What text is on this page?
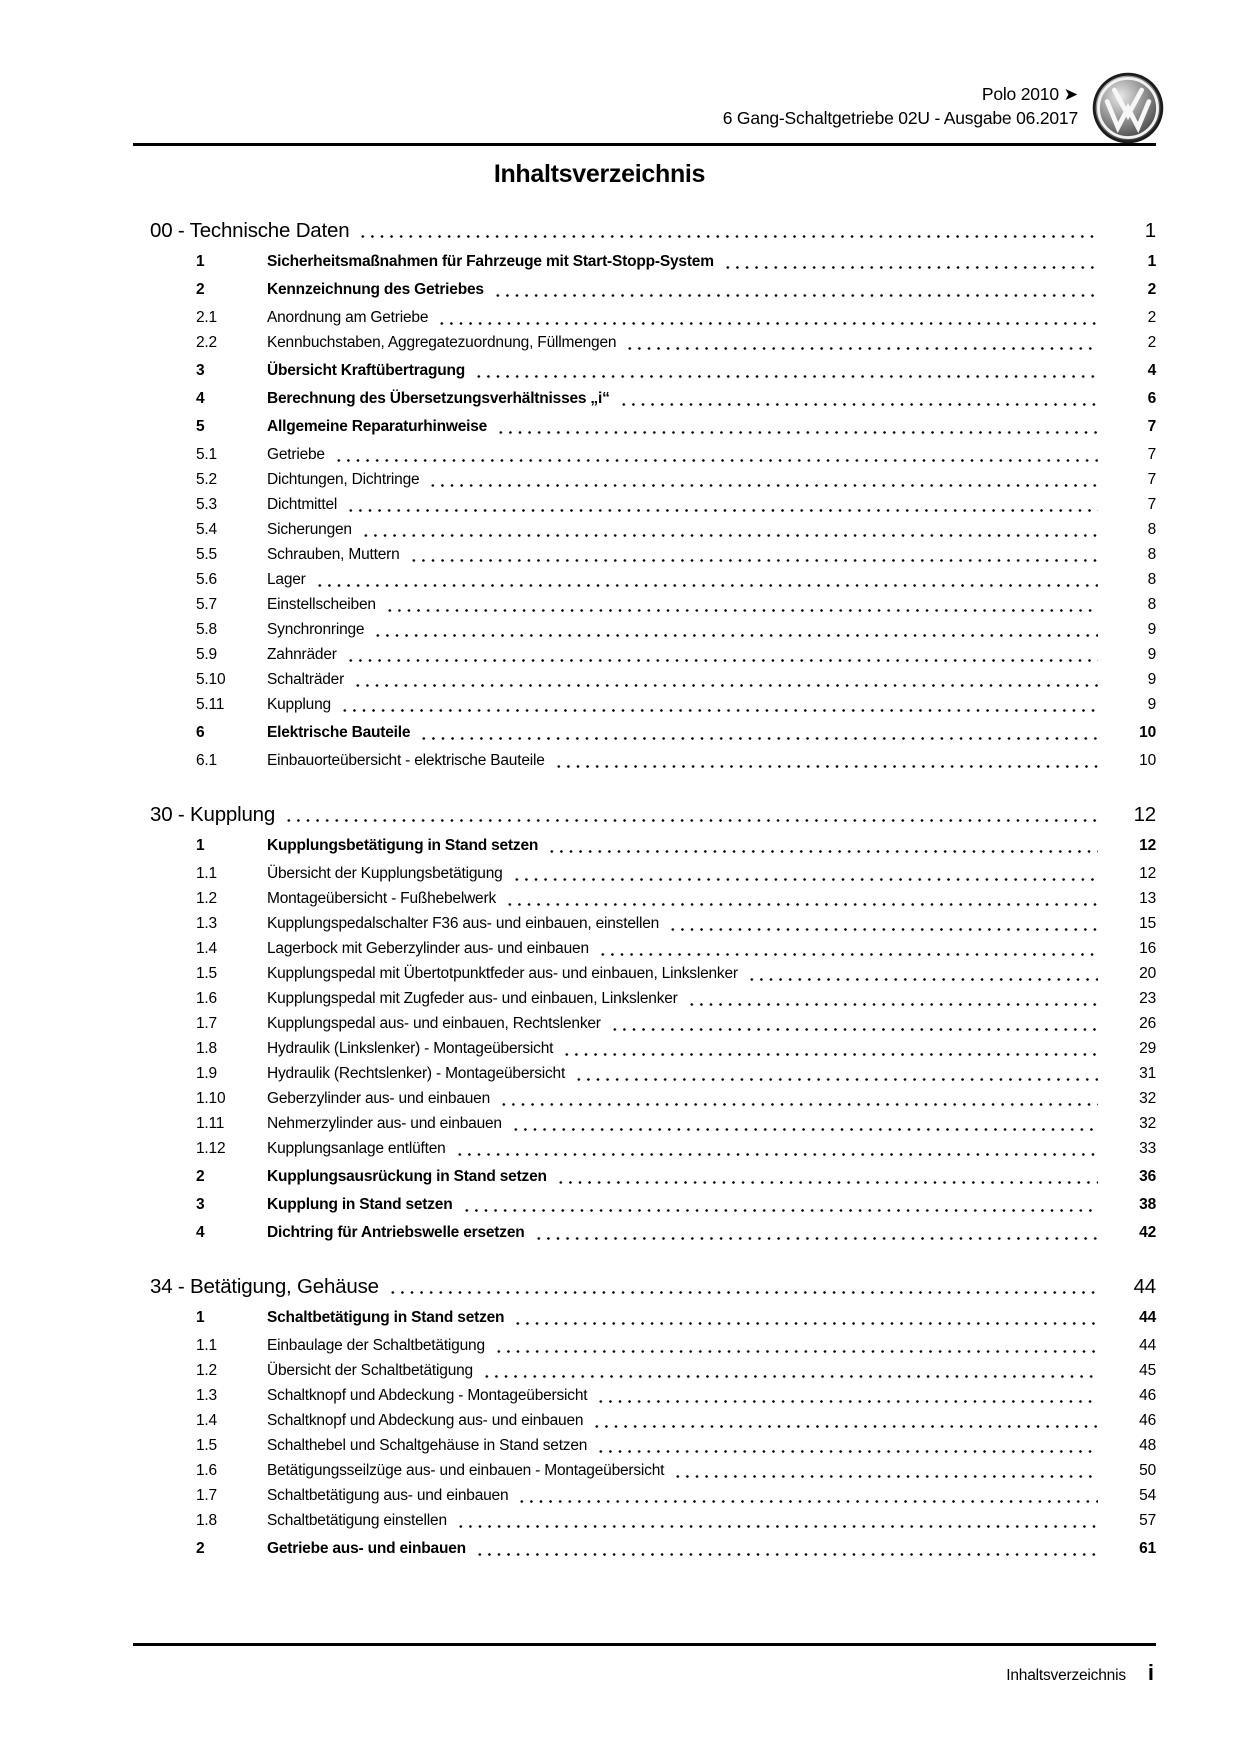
Polo 2010 ➤
6 Gang-Schaltgetriebe 02U - Ausgabe 06.2017
Inhaltsverzeichnis
00 - Technische Daten	1
1	Sicherheitsmaßnahmen für Fahrzeuge mit Start-Stopp-System	1
2	Kennzeichnung des Getriebes	2
2.1	Anordnung am Getriebe	2
2.2	Kennbuchstaben, Aggregatezuordnung, Füllmengen	2
3	Übersicht Kraftübertragung	4
4	Berechnung des Übersetzungsverhältnisses „i“	6
5	Allgemeine Reparaturhinweise	7
5.1	Getriebe	7
5.2	Dichtungen, Dichtringe	7
5.3	Dichtmittel	7
5.4	Sicherungen	8
5.5	Schrauben, Muttern	8
5.6	Lager	8
5.7	Einstellscheiben	8
5.8	Synchronringe	9
5.9	Zahnräder	9
5.10	Schalträder	9
5.11	Kupplung	9
6	Elektrische Bauteile	10
6.1	Einbauorteübersicht - elektrische Bauteile	10
30 - Kupplung	12
1	Kupplungsbetätigung in Stand setzen	12
1.1	Übersicht der Kupplungsbetätigung	12
1.2	Montageübersicht - Fußhebelwerk	13
1.3	Kupplungspedalschalter F36 aus- und einbauen, einstellen	15
1.4	Lagerbock mit Geberzylinder aus- und einbauen	16
1.5	Kupplungspedal mit Übertotpunktfeder aus- und einbauen, Linkslenker	20
1.6	Kupplungspedal mit Zugfeder aus- und einbauen, Linkslenker	23
1.7	Kupplungspedal aus- und einbauen, Rechtslenker	26
1.8	Hydraulik (Linkslenker) - Montageübersicht	29
1.9	Hydraulik (Rechtslenker) - Montageübersicht	31
1.10	Geberzylinder aus- und einbauen	32
1.11	Nehmerzylinder aus- und einbauen	32
1.12	Kupplungsanlage entlüften	33
2	Kupplungsausrückung in Stand setzen	36
3	Kupplung in Stand setzen	38
4	Dichtring für Antriebswelle ersetzen	42
34 - Betätigung, Gehäuse	44
1	Schaltbetätigung in Stand setzen	44
1.1	Einbaulage der Schaltbetätigung	44
1.2	Übersicht der Schaltbetätigung	45
1.3	Schaltknopf und Abdeckung - Montageübersicht	46
1.4	Schaltknopf und Abdeckung aus- und einbauen	46
1.5	Schalthebel und Schaltgehäuse in Stand setzen	48
1.6	Betätigungsseilzüge aus- und einbauen - Montageübersicht	50
1.7	Schaltbetätigung aus- und einbauen	54
1.8	Schaltbetätigung einstellen	57
2	Getriebe aus- und einbauen	61
Inhaltsverzeichnis i
